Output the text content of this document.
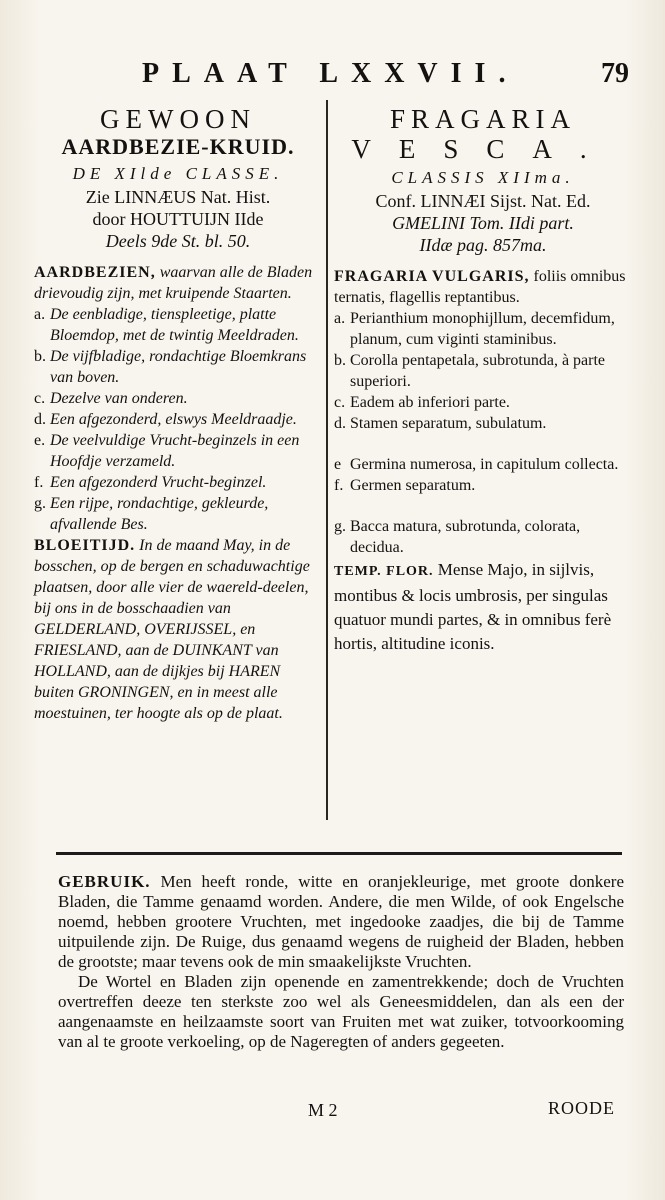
PLAAT LXXVII.	79
GEWOON
AARDBEZIE-KRUID.
DE XIlde CLASSE.
Zie LINNÆUS Nat. Hist.
door HOUTTUIJN IIde
Deels 9de St. bl. 50.

AARDBEZIEN, waarvan alle de Bladen drievoudig zijn, met kruipende Staarten.

a. De eenbladige, tienspleetige, platte Bloemdop, met de twintig Meeldraden.
b. De vijfbladige, rondachtige Bloemkrans van boven.
c. Dezelve van onderen.
d. Een afgezonderd, elswys Meeldraadje.
e. De veelvuldige Vrucht-beginzels in een Hoofdje verzameld.
f. Een afgezonderd Vrucht-beginzel.
g. Een rijpe, rondachtige, gekleurde, afvallende Bes.

BLOEITIJD. In de maand May, in de bosschen, op de bergen en schaduwachtige plaatsen, door alle vier de waereld-deelen, bij ons in de bosschaadien van GELDERLAND, OVERIJSSEL, en FRIESLAND, aan de DUINKANT van HOLLAND, aan de dijkjes bij HAREN buiten GRONINGEN, en in meest alle moestuinen, ter hoogte als op de plaat.

FRAGARIA
VESCA.
CLASSIS XIIma.
Conf. LINNÆI Sijst. Nat. Ed.
GMELINI Tom. IIdi part.
IIdæ pag. 857ma.

FRAGARIA VULGARIS, foliis omnibus ternatis, flagellis reptantibus.

a. Perianthium monophijllum, decemfidum, planum, cum viginti staminibus.
b. Corolla pentapetala, subrotunda, à parte superiori.
c. Eadem ab inferiori parte.
d. Stamen separatum, subulatum.
e Germina numerosa, in capitulum collecta.
f. Germen separatum.
g. Bacca matura, subrotunda, colorata, decidua.

TEMP. FLOR. Mense Majo, in sijlvis, montibus & locis umbrosis, per singulas quatuor mundi partes, & in omnibus ferè hortis, altitudine iconis.

GEBRUIK. Men heeft ronde, witte en oranjekleurige, met groote donkere Bladen, die Tamme genaamd worden. Andere, die men Wilde, of ook Engelsche noemd, hebben grootere Vruchten, met ingedooke zaadjes, die bij de Tamme uitpuilende zijn. De Ruige, dus genaamd wegens de ruigheid der Bladen, hebben de grootste; maar tevens ook de min smaakelijkste Vruchten.

De Wortel en Bladen zijn openende en zamentrekkende; doch de Vruchten overtreffen deeze ten sterkste zoo wel als Geneesmiddelen, dan als een der aangenaamste en heilzaamste soort van Fruiten met wat zuiker, totvoorkooming van al te groote verkoeling, op de Nageregten of anders gegeeten.

M 2	ROODE
